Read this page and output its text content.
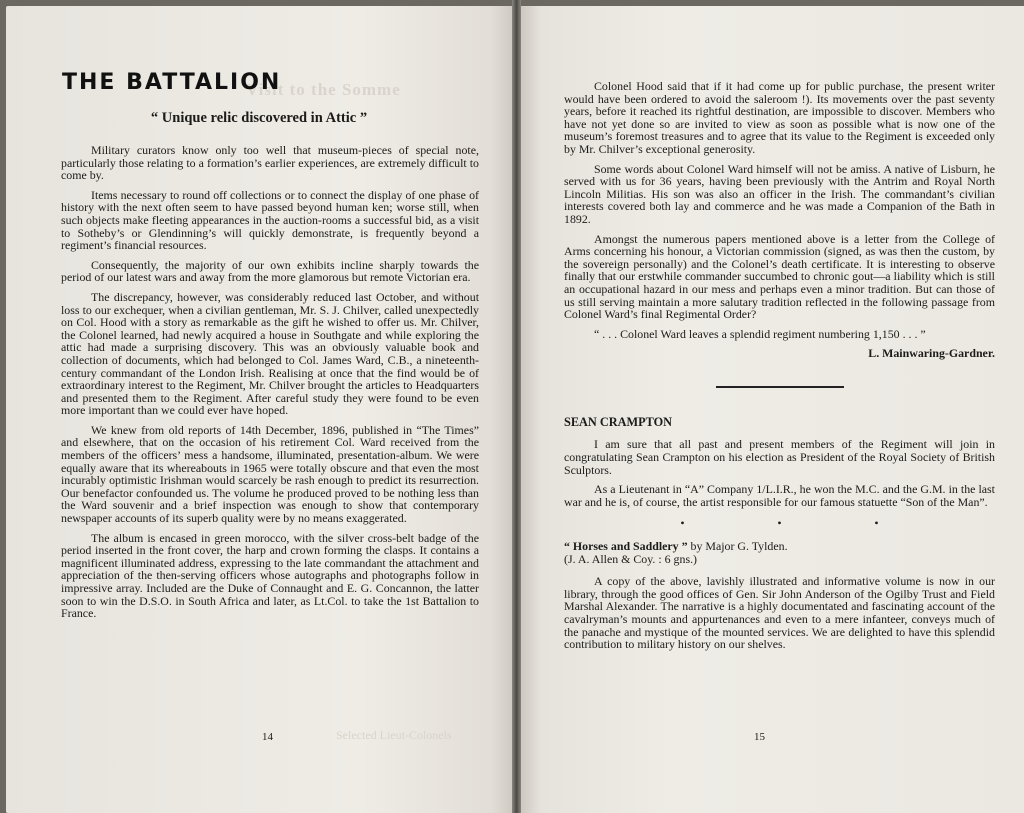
Visit to the Somme
THE BATTALION
“ Unique relic discovered in Attic ”

Military curators know only too well that museum-pieces of special note, particularly those relating to a formation’s earlier experiences, are extremely difficult to come by.

Items necessary to round off collections or to connect the display of one phase of history with the next often seem to have passed beyond human ken; worse still, when such objects make fleeting appearances in the auction-rooms a successful bid, as a visit to Sotheby’s or Glendinning’s will quickly demonstrate, is frequently beyond a regiment’s financial resources.

Consequently, the majority of our own exhibits incline sharply towards the period of our latest wars and away from the more glamorous but remote Victorian era.

The discrepancy, however, was considerably reduced last October, and without loss to our exchequer, when a civilian gentleman, Mr. S. J. Chilver, called unexpectedly on Col. Hood with a story as remarkable as the gift he wished to offer us. Mr. Chilver, the Colonel learned, had newly acquired a house in Southgate and while exploring the attic had made a surprising discovery. This was an obviously valuable book and collection of documents, which had belonged to Col. James Ward, C.B., a nineteenth-century commandant of the London Irish. Realising at once that the find would be of extraordinary interest to the Regiment, Mr. Chilver brought the articles to Headquarters and presented them to the Regiment. After careful study they were found to be even more important than we could ever have hoped.

We knew from old reports of 14th December, 1896, published in “The Times” and elsewhere, that on the occasion of his retirement Col. Ward received from the members of the officers’ mess a handsome, illuminated, presentation-album. We were equally aware that its whereabouts in 1965 were totally obscure and that even the most incurably optimistic Irishman would scarcely be rash enough to predict its resurrection. Our benefactor confounded us. The volume he produced proved to be nothing less than the Ward souvenir and a brief inspection was enough to show that contemporary newspaper accounts of its superb quality were by no means exaggerated.

The album is encased in green morocco, with the silver cross-belt badge of the period inserted in the front cover, the harp and crown forming the clasps. It contains a magnificent illuminated address, expressing to the late commandant the attachment and appreciation of the then-serving officers whose autographs and photographs follow in impressive array. Included are the Duke of Connaught and E. G. Concannon, the latter soon to win the D.S.O. in South Africa and later, as Lt.Col. to take the 1st Battalion to France.

Selected Lieut-Colonels
14

Colonel Hood said that if it had come up for public purchase, the present writer would have been ordered to avoid the saleroom !). Its movements over the past seventy years, before it reached its rightful destination, are impossible to discover. Members who have not yet done so are invited to view as soon as possible what is now one of the museum’s foremost treasures and to agree that its value to the Regiment is exceeded only by Mr. Chilver’s exceptional generosity.

Some words about Colonel Ward himself will not be amiss. A native of Lisburn, he served with us for 36 years, having been previously with the Antrim and Royal North Lincoln Militias. His son was also an officer in the Irish. The commandant’s civilian interests covered both lay and commerce and he was made a Companion of the Bath in 1892.

Amongst the numerous papers mentioned above is a letter from the College of Arms concerning his honour, a Victorian commission (signed, as was then the custom, by the sovereign personally) and the Colonel’s death certificate. It is interesting to observe finally that our erstwhile commander succumbed to chronic gout—a liability which is still an occupational hazard in our mess and perhaps even a minor tradition. But can those of us still serving maintain a more salutary tradition reflected in the following passage from Colonel Ward’s final Regimental Order?

“ . . . Colonel Ward leaves a splendid regiment numbering 1,150 . . . ”

L. Mainwaring-Gardner.

SEAN CRAMPTON

I am sure that all past and present members of the Regiment will join in congratulating Sean Crampton on his election as President of the Royal Society of British Sculptors.

As a Lieutenant in “A” Company 1/L.I.R., he won the M.C. and the G.M. in the last war and he is, of course, the artist responsible for our famous statuette “Son of the Man”.

•	•	•

“ Horses and Saddlery ” by Major G. Tylden.

(J. A. Allen & Coy. : 6 gns.)

A copy of the above, lavishly illustrated and informative volume is now in our library, through the good offices of Gen. Sir John Anderson of the Ogilby Trust and Field Marshal Alexander. The narrative is a highly documentated and fascinating account of the cavalryman’s mounts and appurtenances and even to a mere infanteer, conveys much of the panache and mystique of the mounted services. We are delighted to have this splendid contribution to military history on our shelves.

15
